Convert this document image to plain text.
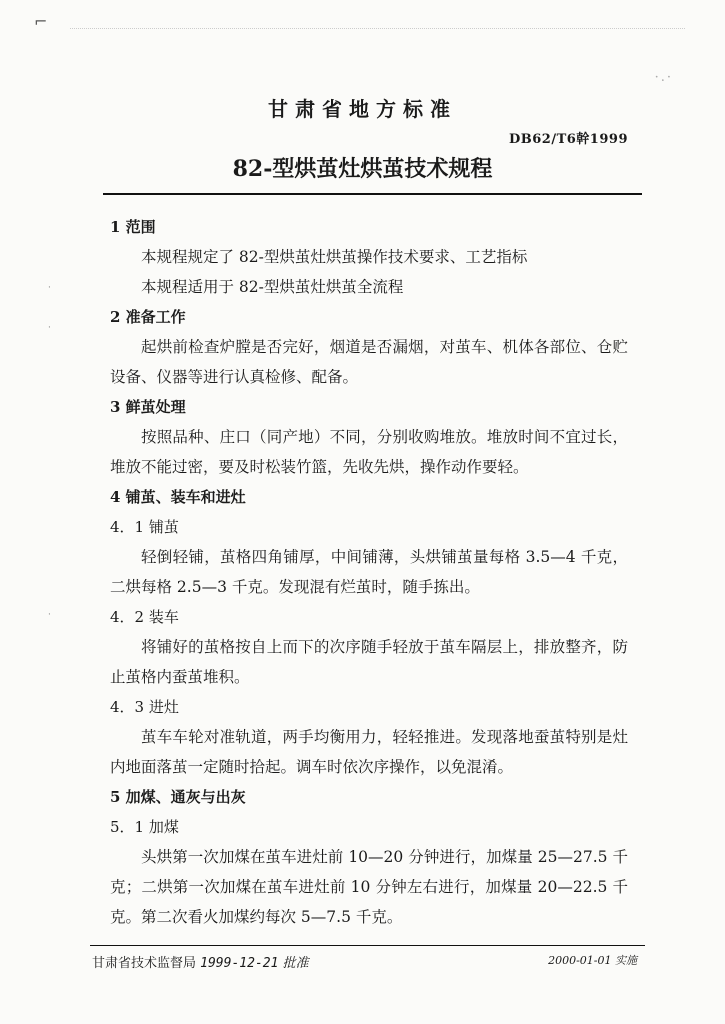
⌐
·.·
·
·
·
甘肃省地方标准
DB62/T6幹1999
82-型烘茧灶烘茧技术规程
1 范围
本规程规定了 82-型烘茧灶烘茧操作技术要求、工艺指标
本规程适用于 82-型烘茧灶烘茧全流程
2 准备工作
起烘前检查炉膛是否完好，烟道是否漏烟，对茧车、机体各部位、仓贮设备、仪器等进行认真检修、配备。
3 鲜茧处理
按照品种、庄口（同产地）不同，分别收购堆放。堆放时间不宜过长，堆放不能过密，要及时松装竹篮，先收先烘，操作动作要轻。
4 铺茧、装车和进灶
4．1 铺茧
轻倒轻铺，茧格四角铺厚，中间铺薄，头烘铺茧量每格 3.5—4 千克，二烘每格 2.5—3 千克。发现混有烂茧时，随手拣出。
4．2 装车
将铺好的茧格按自上而下的次序随手轻放于茧车隔层上，排放整齐，防止茧格内蚕茧堆积。
4．3 进灶
茧车车轮对准轨道，两手均衡用力，轻轻推进。发现落地蚕茧特别是灶内地面落茧一定随时拾起。调车时依次序操作，以免混淆。
5 加煤、通灰与出灰
5．1 加煤
头烘第一次加煤在茧车进灶前 10—20 分钟进行，加煤量 25—27.5 千克；二烘第一次加煤在茧车进灶前 10 分钟左右进行，加煤量 20—22.5 千克。第二次看火加煤约每次 5—7.5 千克。
甘肃省技术监督局 1999-12-21 批准	2000-01-01 实施
